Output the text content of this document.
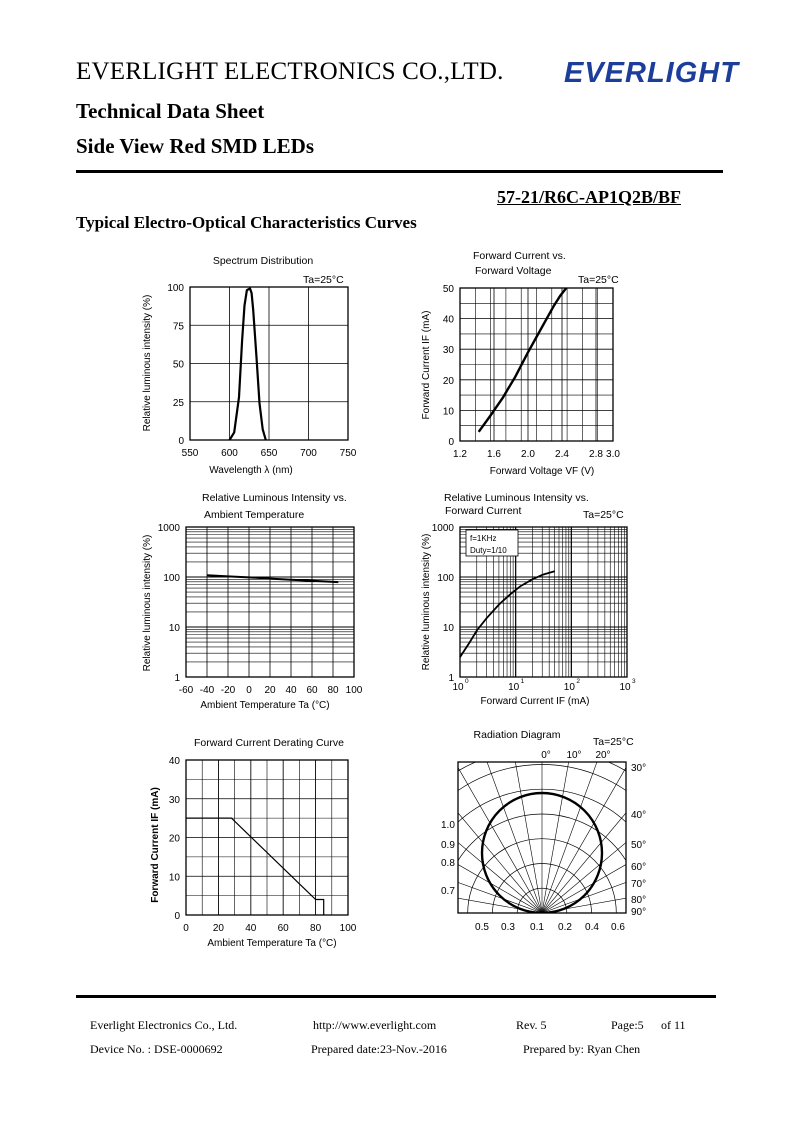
EVERLIGHT ELECTRONICS CO.,LTD. EVERLIGHT
Technical Data Sheet
Side View Red SMD LEDs
57-21/R6C-AP1Q2B/BF
Typical Electro-Optical Characteristics Curves
550 600 650 700 750
0
25
50
75
100
Spectrum Distribution
Ta=25°C
Wavelength λ (nm)
Relative luminous intensity (%)
1.2 1.6 2.0 2.4 2.8 3.0
0
10
20
30
40
50
Forward Current vs.
Forward Voltage
Ta=25°C
Forward Voltage VF (V)
Forward Current IF (mA)
-60 -40 -20 0 20 40 60 80 100
1
10
100
1000
Relative Luminous Intensity vs.
Ambient Temperature
Ambient Temperature Ta (°C)
Relative luminous intensity (%)
10
0
10
1
10
2
10
3
1
10
100
1000
Relative Luminous Intensity vs.
Forward Current	Ta=25°C
f=1KHz
Duty=1/10
Forward Current IF (mA)
Relative luminous intensity (%)
0 20 40 60 80 100
0
10
20
30
40
Forward Current Derating Curve
Ambient Temperature Ta (°C)
Forward Current IF (mA)
Radiation Diagram
Ta=25°C
0° 10° 20°
30°
40°
50°
60°
70°
80°
90°
1.0
0.9
0.8
0.7
0.5 0.3 0.1 0.2 0.4 0.6
Everlight Electronics Co., Ltd.	http://www.everlight.com	Rev. 5	Page:5 of 11
Device No. : DSE-0000692	Prepared date:23-Nov.-2016	Prepared by: Ryan Chen
